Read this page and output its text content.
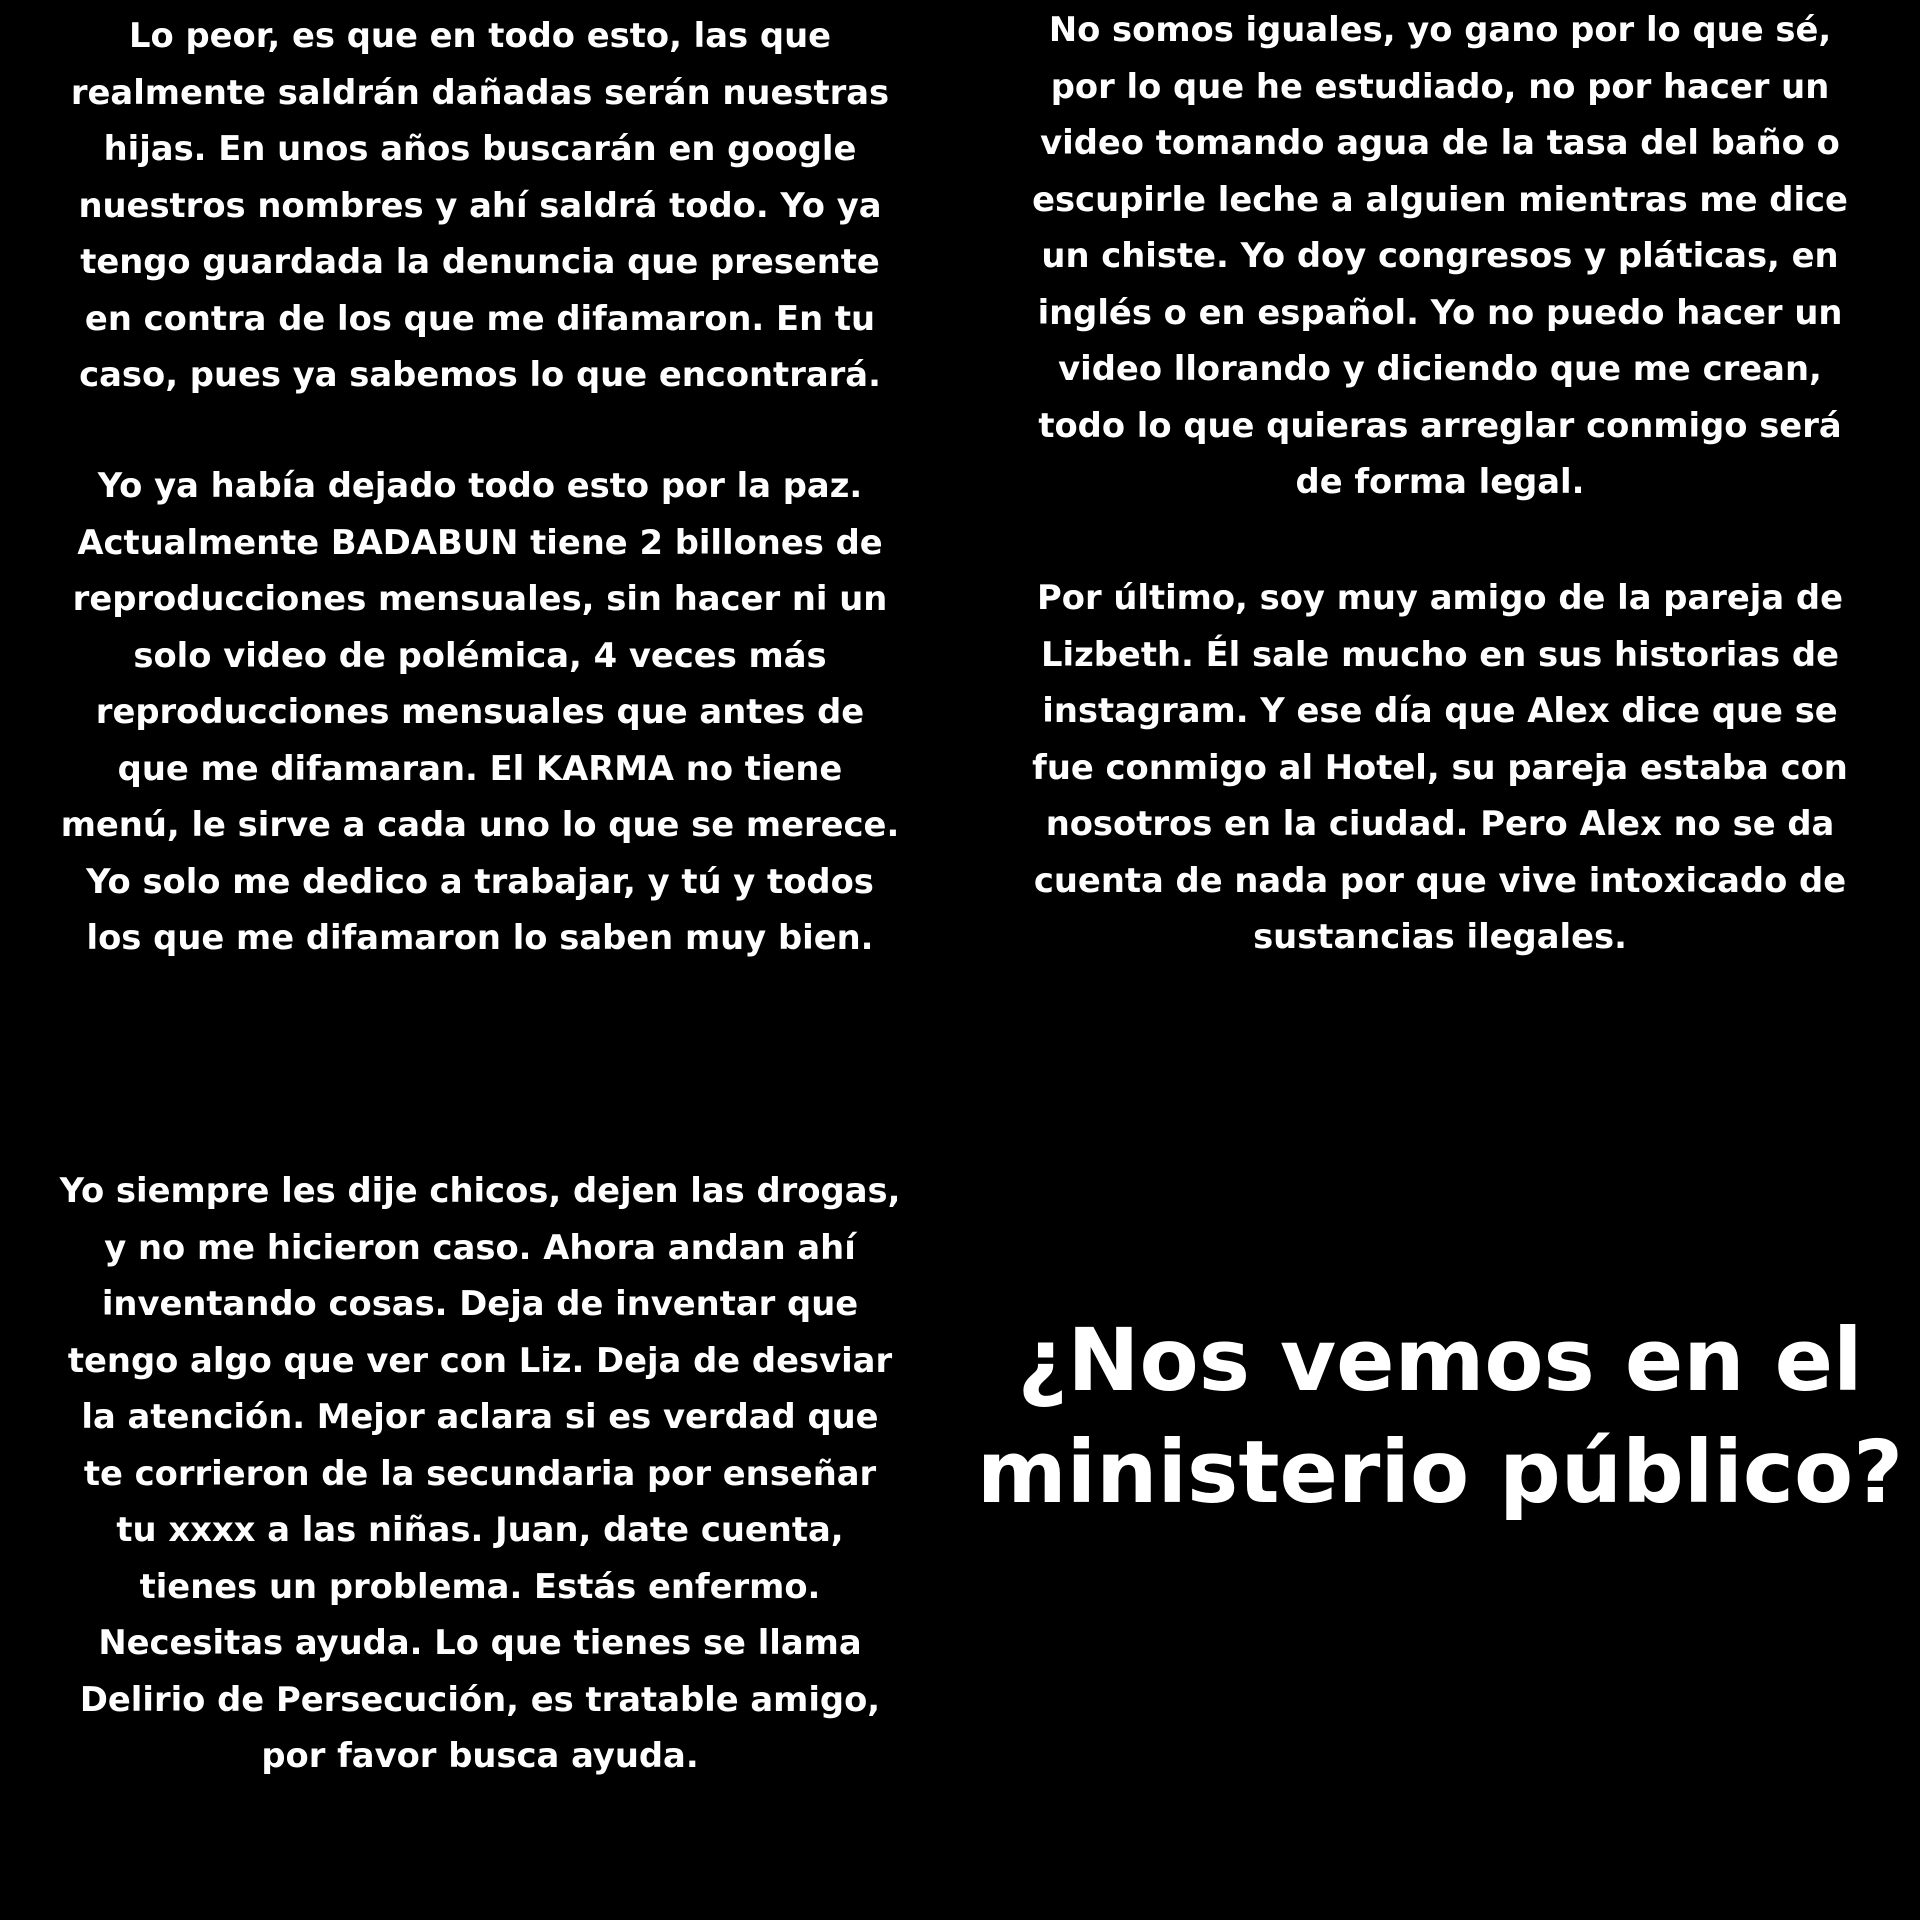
Lo peor, es que en todo esto, las que
realmente saldrán dañadas serán nuestras
hijas. En unos años buscarán en google
nuestros nombres y ahí saldrá todo. Yo ya
tengo guardada la denuncia que presente
en contra de los que me difamaron. En tu
caso, pues ya sabemos lo que encontrará.
Yo ya había dejado todo esto por la paz.
Actualmente BADABUN tiene 2 billones de
reproducciones mensuales, sin hacer ni un
solo video de polémica, 4 veces más
reproducciones mensuales que antes de
que me difamaran. El KARMA no tiene
menú, le sirve a cada uno lo que se merece.
Yo solo me dedico a trabajar, y tú y todos
los que me difamaron lo saben muy bien.
No somos iguales, yo gano por lo que sé,
por lo que he estudiado, no por hacer un
video tomando agua de la tasa del baño o
escupirle leche a alguien mientras me dice
un chiste. Yo doy congresos y pláticas, en
inglés o en español. Yo no puedo hacer un
video llorando y diciendo que me crean,
todo lo que quieras arreglar conmigo será
de forma legal.
Por último, soy muy amigo de la pareja de
Lizbeth. Él sale mucho en sus historias de
instagram. Y ese día que Alex dice que se
fue conmigo al Hotel, su pareja estaba con
nosotros en la ciudad. Pero Alex no se da
cuenta de nada por que vive intoxicado de
sustancias ilegales.
Yo siempre les dije chicos, dejen las drogas,
y no me hicieron caso. Ahora andan ahí
inventando cosas. Deja de inventar que
tengo algo que ver con Liz. Deja de desviar
la atención. Mejor aclara si es verdad que
te corrieron de la secundaria por enseñar
tu xxxx a las niñas. Juan, date cuenta,
tienes un problema. Estás enfermo.
Necesitas ayuda. Lo que tienes se llama
Delirio de Persecución, es tratable amigo,
por favor busca ayuda.
¿Nos vemos en el
ministerio público?
